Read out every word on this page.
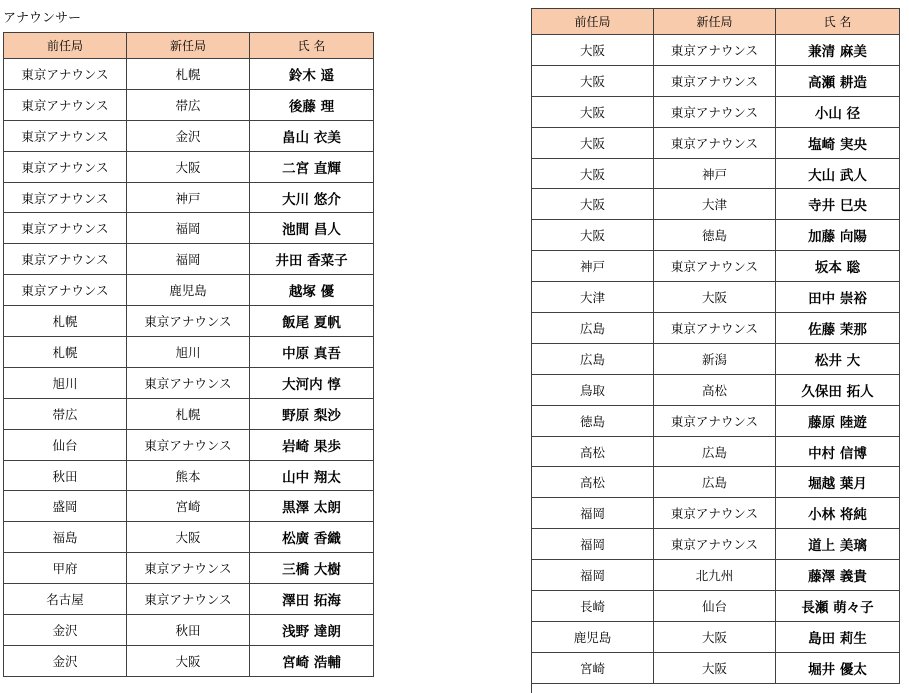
アナウンサー
前任局	新任局	氏 名
東京アナウンス	札幌	鈴木 遥
東京アナウンス	帯広	後藤 理
東京アナウンス	金沢	畠山 衣美
東京アナウンス	大阪	二宮 直輝
東京アナウンス	神戸	大川 悠介
東京アナウンス	福岡	池間 昌人
東京アナウンス	福岡	井田 香菜子
東京アナウンス	鹿児島	越塚 優
札幌	東京アナウンス	飯尾 夏帆
札幌	旭川	中原 真吾
旭川	東京アナウンス	大河内 惇
帯広	札幌	野原 梨沙
仙台	東京アナウンス	岩崎 果歩
秋田	熊本	山中 翔太
盛岡	宮崎	黒澤 太朗
福島	大阪	松廣 香織
甲府	東京アナウンス	三橋 大樹
名古屋	東京アナウンス	澤田 拓海
金沢	秋田	浅野 達朗
金沢	大阪	宮崎 浩輔
前任局	新任局	氏 名
大阪	東京アナウンス	兼清 麻美
大阪	東京アナウンス	高瀬 耕造
大阪	東京アナウンス	小山 径
大阪	東京アナウンス	塩崎 実央
大阪	神戸	大山 武人
大阪	大津	寺井 巳央
大阪	徳島	加藤 向陽
神戸	東京アナウンス	坂本 聡
大津	大阪	田中 崇裕
広島	東京アナウンス	佐藤 茉那
広島	新潟	松井 大
鳥取	高松	久保田 拓人
徳島	東京アナウンス	藤原 陸遊
高松	広島	中村 信博
高松	広島	堀越 葉月
福岡	東京アナウンス	小林 将純
福岡	東京アナウンス	道上 美璃
福岡	北九州	藤澤 義貴
長崎	仙台	長瀬 萌々子
鹿児島	大阪	島田 莉生
宮崎	大阪	堀井 優太
